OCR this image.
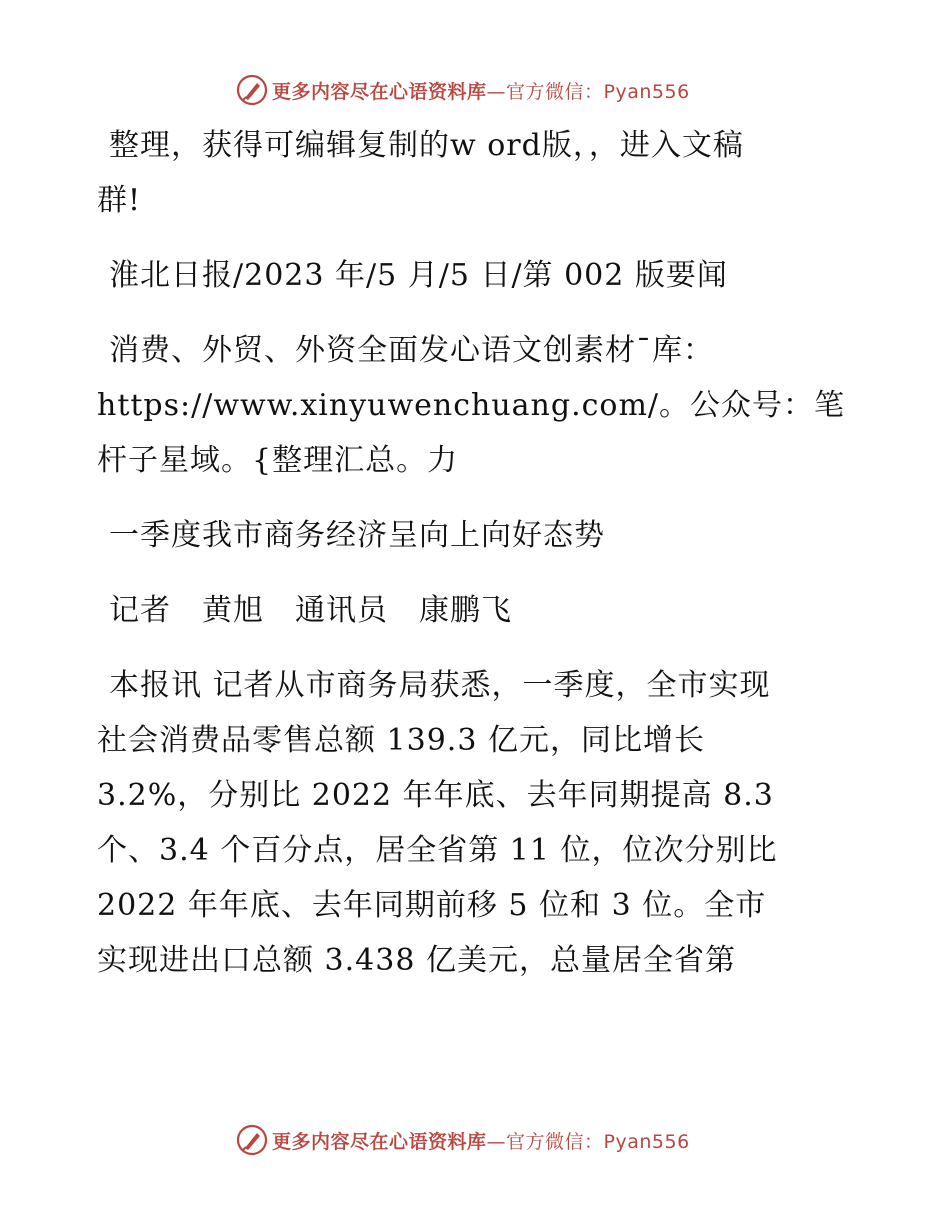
更多内容尽在心语资料库—官方微信：Pyan556

整理，获得可编辑复制的w ord版，，进入文稿
群!

淮北日报/2023 年/5 月/5 日/第 002 版要闻

消费、外贸、外资全面发心语文创素材¯库：
https://www.xinyuwenchuang.com/。公众号：笔
杆子星域。{整理汇总。力

一季度我市商务经济呈向上向好态势

记者　黄旭　通讯员　康鹏飞

本报讯 记者从市商务局获悉，一季度，全市实现
社会消费品零售总额 139.3 亿元，同比增长
3.2%，分别比 2022 年年底、去年同期提高 8.3
个、3.4 个百分点，居全省第 11 位，位次分别比
2022 年年底、去年同期前移 5 位和 3 位。全市
实现进出口总额 3.438 亿美元，总量居全省第

更多内容尽在心语资料库—官方微信：Pyan556
